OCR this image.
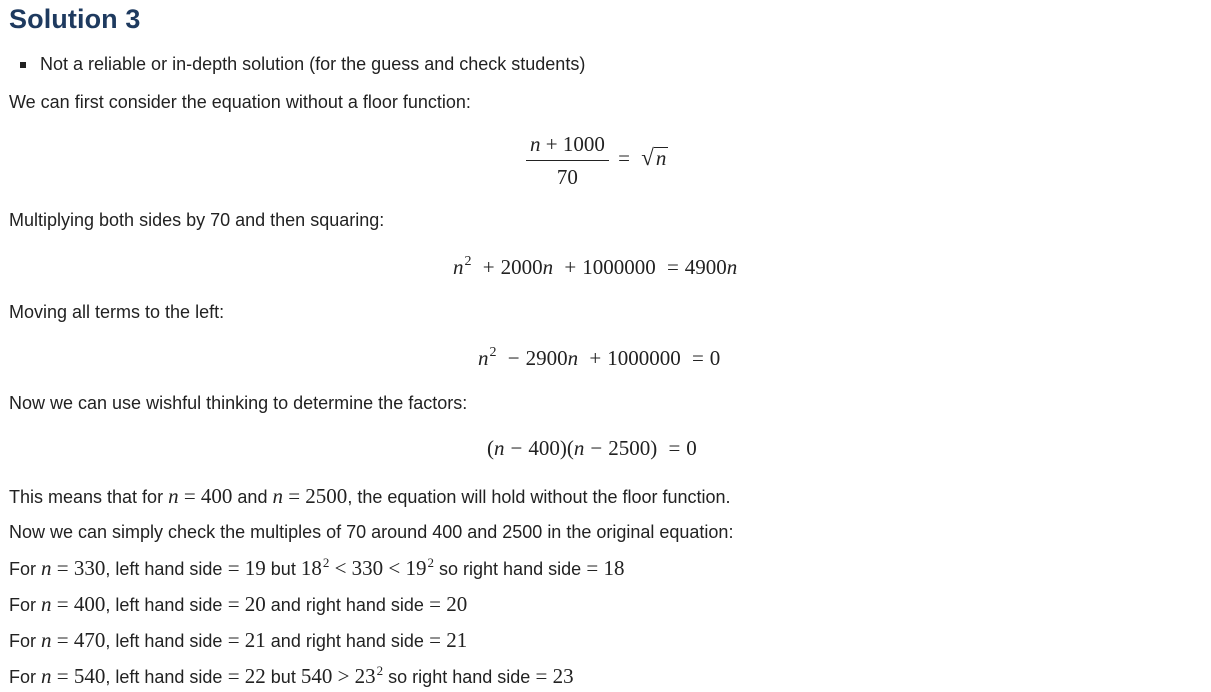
Solution 3
Not a reliable or in-depth solution (for the guess and check students)

We can first consider the equation without a floor function:

$\frac{n + 1000}{70}$ = √ n

Multiplying both sides by 70 and then squaring:

$n^2 + 2000n + 1000000 = 4900n$

Moving all terms to the left:

$n^2 - 2900n + 1000000 = 0$

Now we can use wishful thinking to determine the factors:

(n − 400)(n − 2500) = 0

This means that for n = 400 and n = 2500, the equation will hold without the floor function.

Now we can simply check the multiples of 70 around 400 and 2500 in the original equation:

For n = 330, left hand side = 19 but $18^2 < 330 < 19^2$ so right hand side = 18

For n = 400, left hand side = 20 and right hand side = 20

For n = 470, left hand side = 21 and right hand side = 21

For n = 540, left hand side = 22 but $540 > 23^2$ so right hand side = 23
